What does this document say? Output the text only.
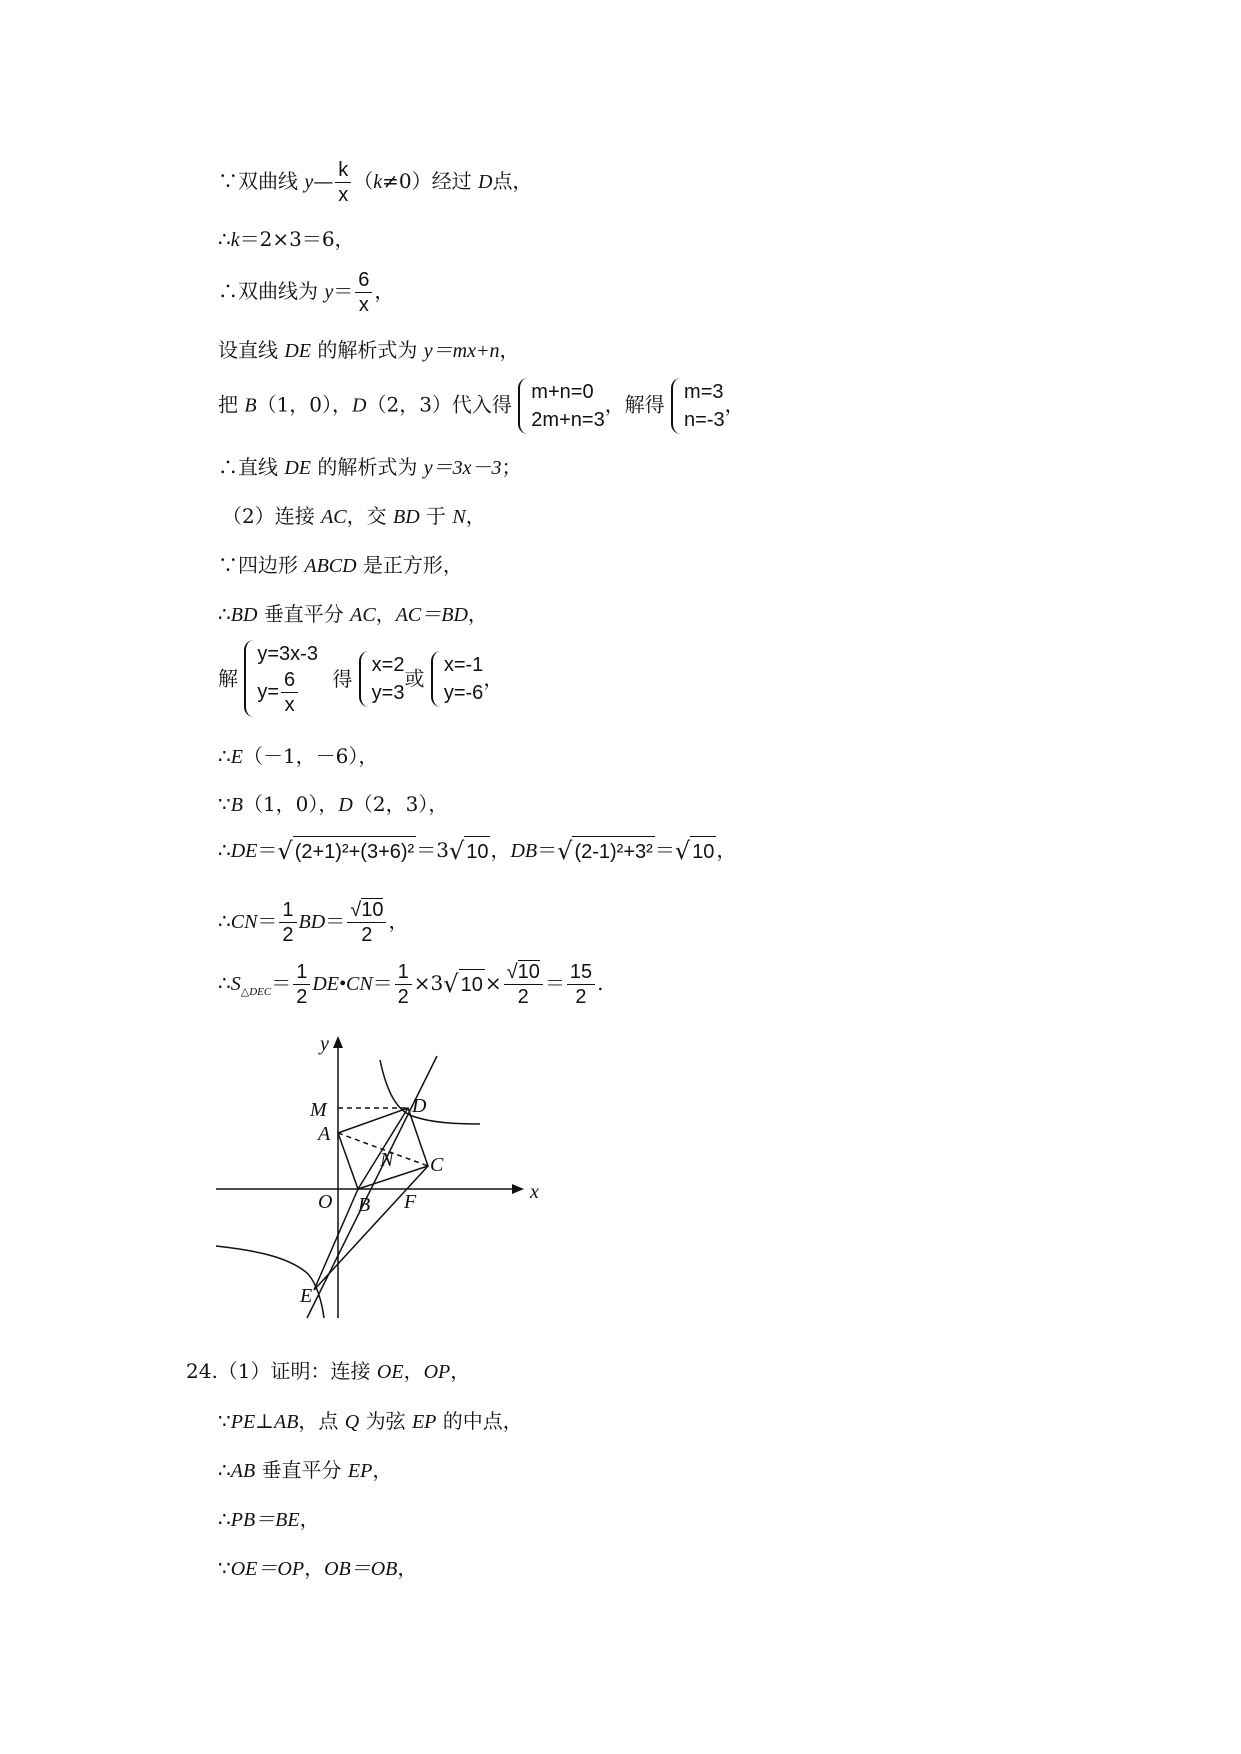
∵双曲线 y— $\frac{k}{x} (k\ne 0)$经过 D点，
∴k＝2×3＝6，
∴双曲线为 $y= \frac{6}{x}$ ，
设直线 DE 的解析式为 y＝mx+n，
把 B（1，0），D（2，3）代入得
m+n=0
2m+n=3
，解得
m=3
n=-3
，
∴直线 DE 的解析式为 y＝3x－3；
（2）连接 AC，交 BD 于 N，
∵四边形 ABCD 是正方形，
∴BD 垂直平分 AC，AC＝BD，
解
y=3x-3
$y= \frac{6}{x}$ 得
x=2
y=3
或
x=-1
y=-6
，
∴E（－1，－6），
∵B（1，0），D（2，3），
∴DE＝ √ (2+1)²+(3+6)² ＝3 √ 10 ，DB＝ √ (2-1)²+3² ＝ √ 10 ，
∴CN＝ $\frac{1}{2} BD= \frac{√10}{2}$ ，
$\therefore S_{\triangle DEC}= \frac{1}{2}$ DE•CN＝ $\frac{1}{2} \times 3$ √ $10 \times \frac{√10}{2} = \frac{15}{2}$ .
y
x
M
A
D
N C
O B F
E
24.（1）证明：连接 OE，OP，
∵PE⊥AB，点 Q 为弦 EP 的中点，
∴AB 垂直平分 EP，
∴PB＝BE，
∵OE＝OP，OB＝OB，
